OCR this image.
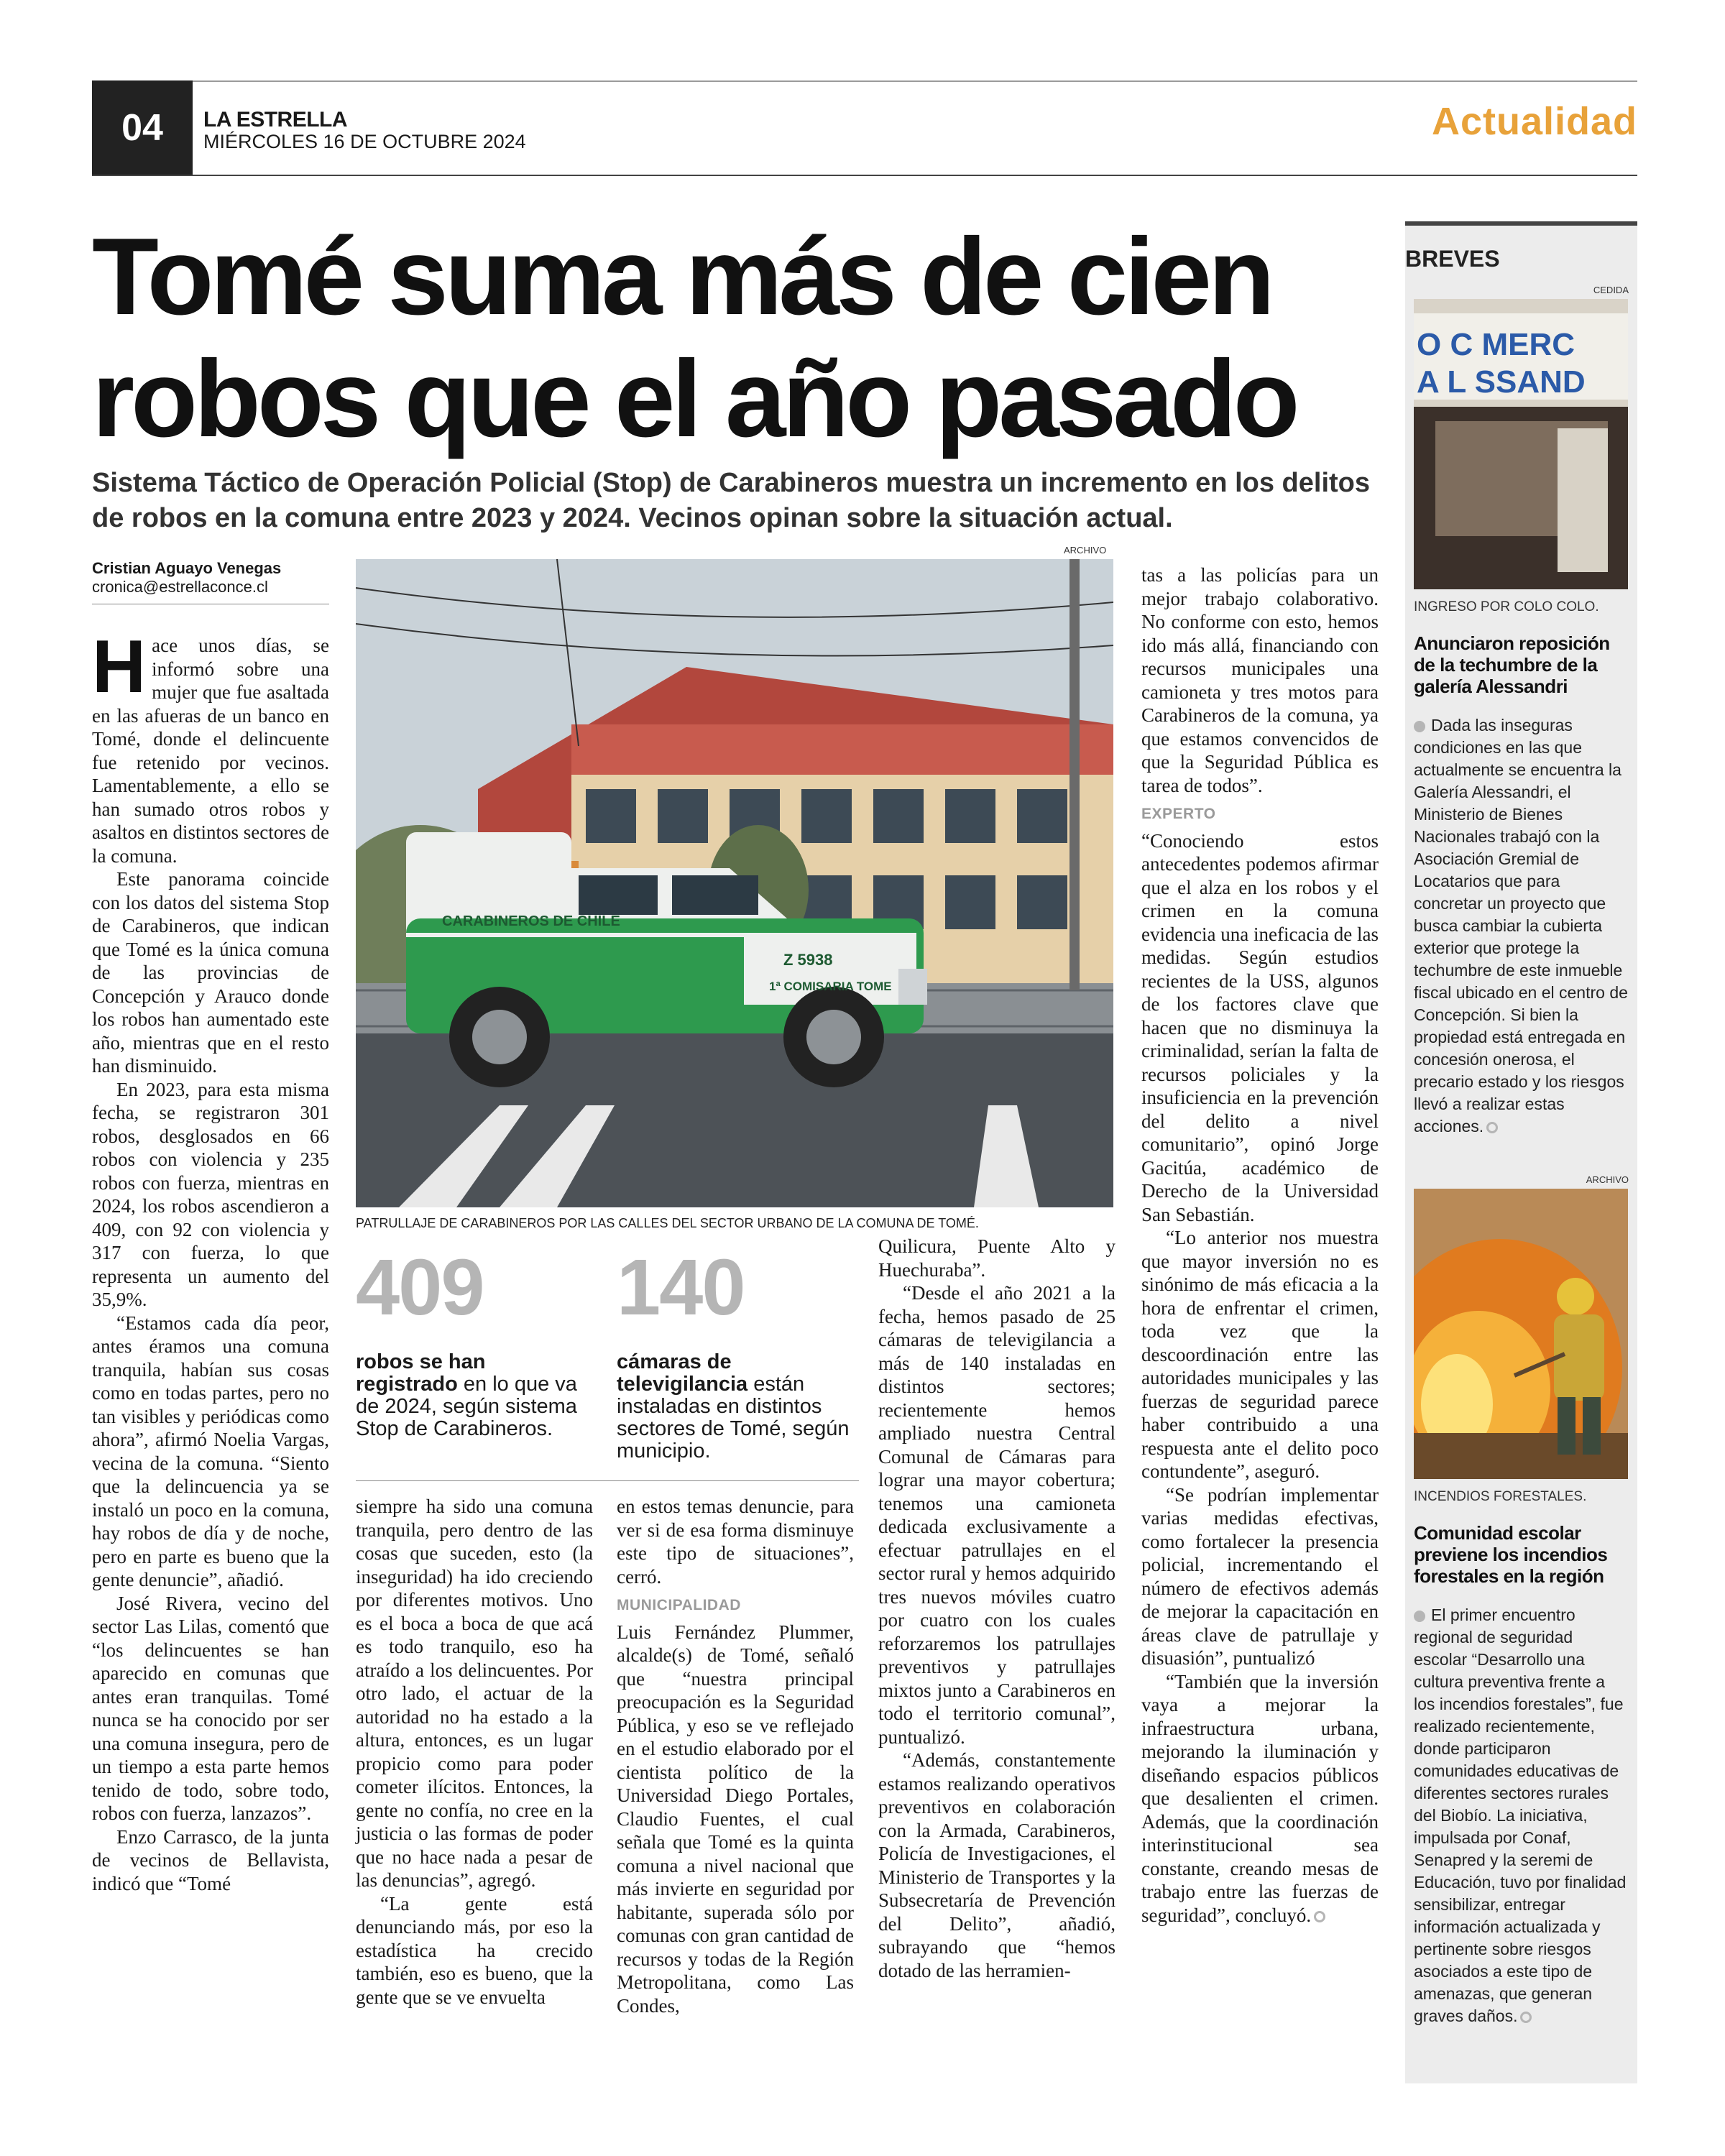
04 LA ESTRELLA
MIÉRCOLES 16 DE OCTUBRE 2024	Actualidad
Tomé suma más de cien
robos que el año pasado
Sistema Táctico de Operación Policial (Stop) de Carabineros muestra un incremento en los delitos de robos en la comuna entre 2023 y 2024. Vecinos opinan sobre la situación actual.
Cristian Aguayo Venegas
cronica@estrellaconce.cl
ARCHIVO
CARABINEROS DE CHILE
Z 5938
1ª COMISARIA TOME
PATRULLAJE DE CARABINEROS POR LAS CALLES DEL SECTOR URBANO DE LA COMUNA DE TOMÉ.

Hace unos días, se informó sobre una mujer que fue asaltada en las afueras de un banco en Tomé, donde el delincuente fue retenido por vecinos. Lamentablemente, a ello se han sumado otros robos y asaltos en distintos sectores de la comuna.

Este panorama coincide con los datos del sistema Stop de Carabineros, que indican que Tomé es la única comuna de las provincias de Concepción y Arauco donde los robos han aumentado este año, mientras que en el resto han disminuido.

En 2023, para esta misma fecha, se registraron 301 robos, desglosados en 66 robos con violencia y 235 robos con fuerza, mientras en 2024, los robos ascendieron a 409, con 92 con violencia y 317 con fuerza, lo que representa un aumento del 35,9%.

“Estamos cada día peor, antes éramos una comuna tranquila, habían sus cosas como en todas partes, pero no tan visibles y periódicas como ahora”, afirmó Noelia Vargas, vecina de la comuna. “Siento que la delincuencia ya se instaló un poco en la comuna, hay robos de día y de noche, pero en parte es bueno que la gente denuncie”, añadió.

José Rivera, vecino del sector Las Lilas, comentó que “los delincuentes se han aparecido en comunas que antes eran tranquilas. Tomé nunca se ha conocido por ser una comuna insegura, pero de un tiempo a esta parte hemos tenido de todo, sobre todo, robos con fuerza, lanzazos”.

Enzo Carrasco, de la junta de vecinos de Bellavista, indicó que “Tomé

409
robos se han registrado en lo que va de 2024, según sistema Stop de Carabineros.
140
cámaras de televigilancia están instaladas en distintos sectores de Tomé, según municipio.

siempre ha sido una comuna tranquila, pero dentro de las cosas que suceden, esto (la inseguridad) ha ido creciendo por diferentes motivos. Uno es el boca a boca de que acá es todo tranquilo, eso ha atraído a los delincuentes. Por otro lado, el actuar de la autoridad no ha estado a la altura, entonces, es un lugar propicio como para poder cometer ilícitos. Entonces, la gente no confía, no cree en la justicia o las formas de poder que no hace nada a pesar de las denuncias”, agregó.

“La gente está denunciando más, por eso la estadística ha crecido también, eso es bueno, que la gente que se ve envuelta

en estos temas denuncie, para ver si de esa forma disminuye este tipo de situaciones”, cerró.

MUNICIPALIDAD

Luis Fernández Plummer, alcalde(s) de Tomé, señaló que “nuestra principal preocupación es la Seguridad Pública, y eso se ve reflejado en el estudio elaborado por el cientista político de la Universidad Diego Portales, Claudio Fuentes, el cual señala que Tomé es la quinta comuna a nivel nacional que más invierte en seguridad por habitante, superada sólo por comunas con gran cantidad de recursos y todas de la Región Metropolitana, como Las Condes,

Quilicura, Puente Alto y Huechuraba”.

“Desde el año 2021 a la fecha, hemos pasado de 25 cámaras de televigilancia a más de 140 instaladas en distintos sectores; recientemente hemos ampliado nuestra Central Comunal de Cámaras para lograr una mayor cobertura; tenemos una camioneta dedicada exclusivamente a efectuar patrullajes en el sector rural y hemos adquirido tres nuevos móviles cuatro por cuatro con los cuales reforzaremos los patrullajes preventivos y patrullajes mixtos junto a Carabineros en todo el territorio comunal”, puntualizó.

“Además, constantemente estamos realizando operativos preventivos en colaboración con la Armada, Carabineros, Policía de Investigaciones, el Ministerio de Transportes y la Subsecretaría de Prevención del Delito”, añadió, subrayando que “hemos dotado de las herramien-

tas a las policías para un mejor trabajo colaborativo. No conforme con esto, hemos ido más allá, financiando con recursos municipales una camioneta y tres motos para Carabineros de la comuna, ya que estamos convencidos de que la Seguridad Pública es tarea de todos”.

EXPERTO

“Conociendo estos antecedentes podemos afirmar que el alza en los robos y el crimen en la comuna evidencia una ineficacia de las medidas. Según estudios recientes de la USS, algunos de los factores clave que hacen que no disminuya la criminalidad, serían la falta de recursos policiales y la insuficiencia en la prevención del delito a nivel comunitario”, opinó Jorge Gacitúa, académico de Derecho de la Universidad San Sebastián.

“Lo anterior nos muestra que mayor inversión no es sinónimo de más eficacia a la hora de enfrentar el crimen, toda vez que la descoordinación entre las autoridades municipales y las fuerzas de seguridad parece haber contribuido a una respuesta ante el delito poco contundente”, aseguró.

“Se podrían implementar varias medidas efectivas, como fortalecer la presencia policial, incrementando el número de efectivos además de mejorar la capacitación en áreas clave de patrullaje y disuasión”, puntualizó

“También que la inversión vaya a mejorar la infraestructura urbana, mejorando la iluminación y diseñando espacios públicos que desalienten el crimen. Además, que la coordinación interinstitucional sea constante, creando mesas de trabajo entre las fuerzas de seguridad”, concluyó.

BREVES
CEDIDA
O C MERC
A L SSAND
INGRESO POR COLO COLO.
Anunciaron reposición de la techumbre de la galería Alessandri
Dada las inseguras condiciones en las que actualmente se encuentra la Galería Alessandri, el Ministerio de Bienes Nacionales trabajó con la Asociación Gremial de Locatarios que para concretar un proyecto que busca cambiar la cubierta exterior que protege la techumbre de este inmueble fiscal ubicado en el centro de Concepción. Si bien la propiedad está entregada en concesión onerosa, el precario estado y los riesgos llevó a realizar estas acciones.
ARCHIVO
INCENDIOS FORESTALES.
Comunidad escolar previene los incendios forestales en la región
El primer encuentro regional de seguridad escolar “Desarrollo una cultura preventiva frente a los incendios forestales”, fue realizado recientemente, donde participaron comunidades educativas de diferentes sectores rurales del Biobío. La iniciativa, impulsada por Conaf, Senapred y la seremi de Educación, tuvo por finalidad sensibilizar, entregar información actualizada y pertinente sobre riesgos asociados a este tipo de amenazas, que generan graves daños.
